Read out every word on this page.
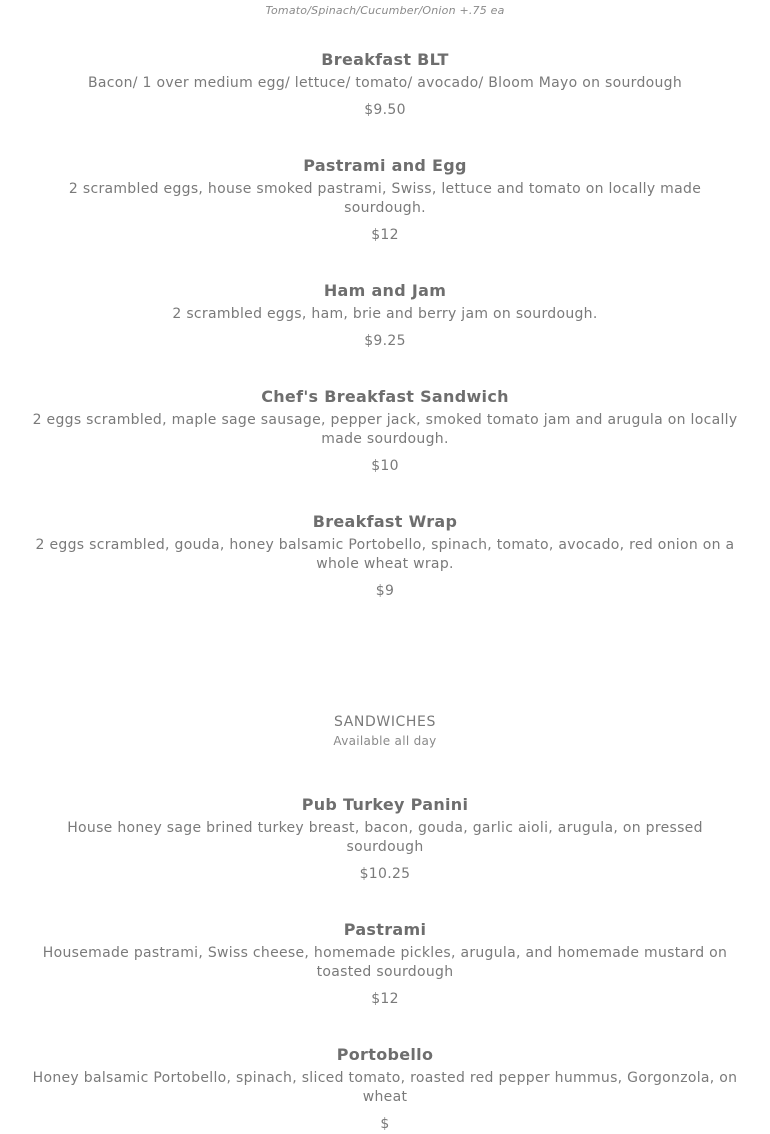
Tomato/Spinach/Cucumber/Onion +.75 ea
Breakfast BLT
Bacon/ 1 over medium egg/ lettuce/ tomato/ avocado/ Bloom Mayo on sourdough
$9.50
Pastrami and Egg
2 scrambled eggs, house smoked pastrami, Swiss, lettuce and tomato on locally made sourdough.
$12
Ham and Jam
2 scrambled eggs, ham, brie and berry jam on sourdough.
$9.25
Chef's Breakfast Sandwich
2 eggs scrambled, maple sage sausage, pepper jack, smoked tomato jam and arugula on locally made sourdough.
$10
Breakfast Wrap
2 eggs scrambled, gouda, honey balsamic Portobello, spinach, tomato, avocado, red onion on a whole wheat wrap.
$9
SANDWICHES
Available all day
Pub Turkey Panini
House honey sage brined turkey breast, bacon, gouda, garlic aioli, arugula, on pressed sourdough
$10.25
Pastrami
Housemade pastrami, Swiss cheese, homemade pickles, arugula, and homemade mustard on toasted sourdough
$12
Portobello
Honey balsamic Portobello, spinach, sliced tomato, roasted red pepper hummus, Gorgonzola, on wheat
$
